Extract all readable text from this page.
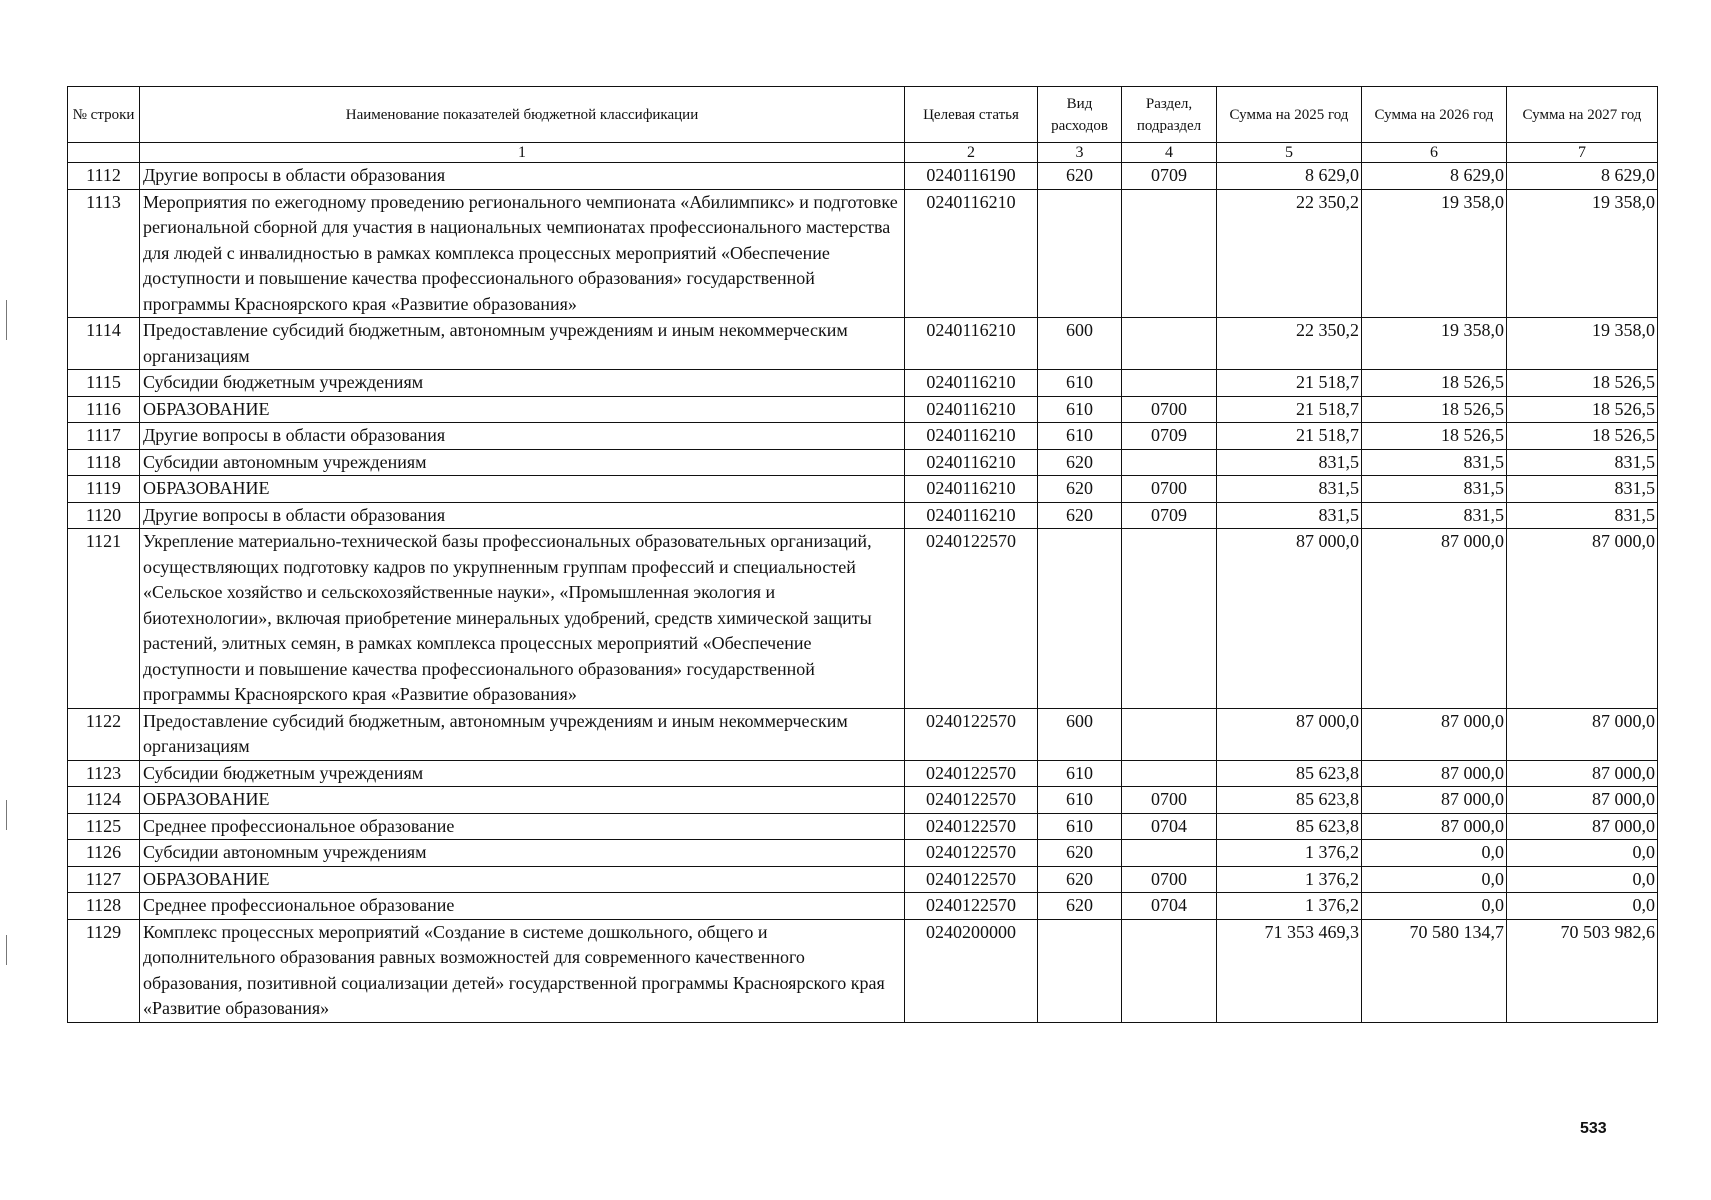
№ строки	Наименование показателей бюджетной классификации	Целевая статья	Вид расходов	Раздел, подраздел	Сумма на 2025 год	Сумма на 2026 год	Сумма на 2027 год
	1	2	3	4	5	6	7
1112	Другие вопросы в области образования	0240116190	620	0709	8 629,0	8 629,0	8 629,0
1113	Мероприятия по ежегодному проведению регионального чемпионата «Абилимпикс» и подготовке региональной сборной для участия в национальных чемпионатах профессионального мастерства для людей с инвалидностью в рамках комплекса процессных мероприятий «Обеспечение доступности и повышение качества профессионального образования» государственной программы Красноярского края «Развитие образования»	0240116210			22 350,2	19 358,0	19 358,0
1114	Предоставление субсидий бюджетным, автономным учреждениям и иным некоммерческим организациям	0240116210	600		22 350,2	19 358,0	19 358,0
1115	Субсидии бюджетным учреждениям	0240116210	610		21 518,7	18 526,5	18 526,5
1116	ОБРАЗОВАНИЕ	0240116210	610	0700	21 518,7	18 526,5	18 526,5
1117	Другие вопросы в области образования	0240116210	610	0709	21 518,7	18 526,5	18 526,5
1118	Субсидии автономным учреждениям	0240116210	620		831,5	831,5	831,5
1119	ОБРАЗОВАНИЕ	0240116210	620	0700	831,5	831,5	831,5
1120	Другие вопросы в области образования	0240116210	620	0709	831,5	831,5	831,5
1121	Укрепление материально-технической базы профессиональных образовательных организаций, осуществляющих подготовку кадров по укрупненным группам профессий и специальностей «Сельское хозяйство и сельскохозяйственные науки», «Промышленная экология и биотехнологии», включая приобретение минеральных удобрений, средств химической защиты растений, элитных семян, в рамках комплекса процессных мероприятий «Обеспечение доступности и повышение качества профессионального образования» государственной программы Красноярского края «Развитие образования»	0240122570			87 000,0	87 000,0	87 000,0
1122	Предоставление субсидий бюджетным, автономным учреждениям и иным некоммерческим организациям	0240122570	600		87 000,0	87 000,0	87 000,0
1123	Субсидии бюджетным учреждениям	0240122570	610		85 623,8	87 000,0	87 000,0
1124	ОБРАЗОВАНИЕ	0240122570	610	0700	85 623,8	87 000,0	87 000,0
1125	Среднее профессиональное образование	0240122570	610	0704	85 623,8	87 000,0	87 000,0
1126	Субсидии автономным учреждениям	0240122570	620		1 376,2	0,0	0,0
1127	ОБРАЗОВАНИЕ	0240122570	620	0700	1 376,2	0,0	0,0
1128	Среднее профессиональное образование	0240122570	620	0704	1 376,2	0,0	0,0
1129	Комплекс процессных мероприятий «Создание в системе дошкольного, общего и дополнительного образования равных возможностей для современного качественного образования, позитивной социализации детей» государственной программы Красноярского края «Развитие образования»	0240200000			71 353 469,3	70 580 134,7	70 503 982,6
533
